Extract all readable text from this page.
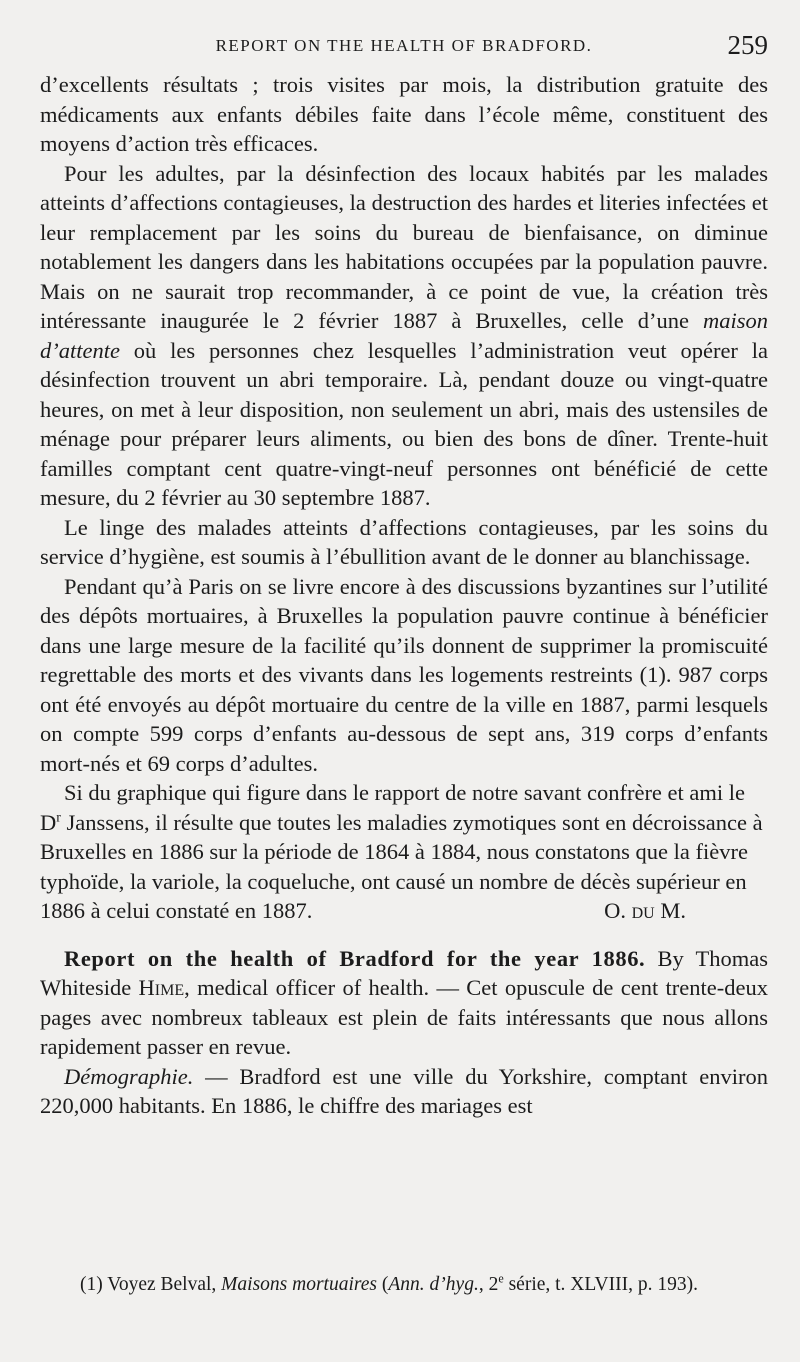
REPORT ON THE HEALTH OF BRADFORD.	259

d’excellents résultats ; trois visites par mois, la distribution gratuite des médicaments aux enfants débiles faite dans l’école même, constituent des moyens d’action très efficaces.

Pour les adultes, par la désinfection des locaux habités par les malades atteints d’affections contagieuses, la destruction des hardes et literies infectées et leur remplacement par les soins du bureau de bienfaisance, on diminue notablement les dangers dans les habitations occupées par la population pauvre. Mais on ne saurait trop recommander, à ce point de vue, la création très intéressante inaugurée le 2 février 1887 à Bruxelles, celle d’une maison d’attente où les personnes chez lesquelles l’administration veut opérer la désinfection trouvent un abri temporaire. Là, pendant douze ou vingt-quatre heures, on met à leur disposition, non seulement un abri, mais des ustensiles de ménage pour préparer leurs aliments, ou bien des bons de dîner. Trente-huit familles comptant cent quatre-vingt-neuf personnes ont bénéficié de cette mesure, du 2 février au 30 septembre 1887.

Le linge des malades atteints d’affections contagieuses, par les soins du service d’hygiène, est soumis à l’ébullition avant de le donner au blanchissage.

Pendant qu’à Paris on se livre encore à des discussions byzantines sur l’utilité des dépôts mortuaires, à Bruxelles la population pauvre continue à bénéficier dans une large mesure de la facilité qu’ils donnent de supprimer la promiscuité regrettable des morts et des vivants dans les logements restreints (1). 987 corps ont été envoyés au dépôt mortuaire du centre de la ville en 1887, parmi lesquels on compte 599 corps d’enfants au-dessous de sept ans, 319 corps d’enfants mort-nés et 69 corps d’adultes.

Si du graphique qui figure dans le rapport de notre savant confrère et ami le $D^r$ Janssens, il résulte que toutes les maladies zymotiques sont en décroissance à Bruxelles en 1886 sur la période de 1864 à 1884, nous constatons que la fièvre typhoïde, la variole, la coqueluche, ont causé un nombre de décès supérieur en 1886 à celui constaté en 1887.	O. du M.

Report on the health of Bradford for the year 1886. By Thomas Whiteside Hime, medical officer of health. — Cet opuscule de cent trente-deux pages avec nombreux tableaux est plein de faits intéressants que nous allons rapidement passer en revue.

Démographie. — Bradford est une ville du Yorkshire, comptant environ 220,000 habitants. En 1886, le chiffre des mariages est

(1) Voyez Belval, Maisons mortuaires (Ann. d’hyg., 2e série, t. XLVIII, p. 193).
